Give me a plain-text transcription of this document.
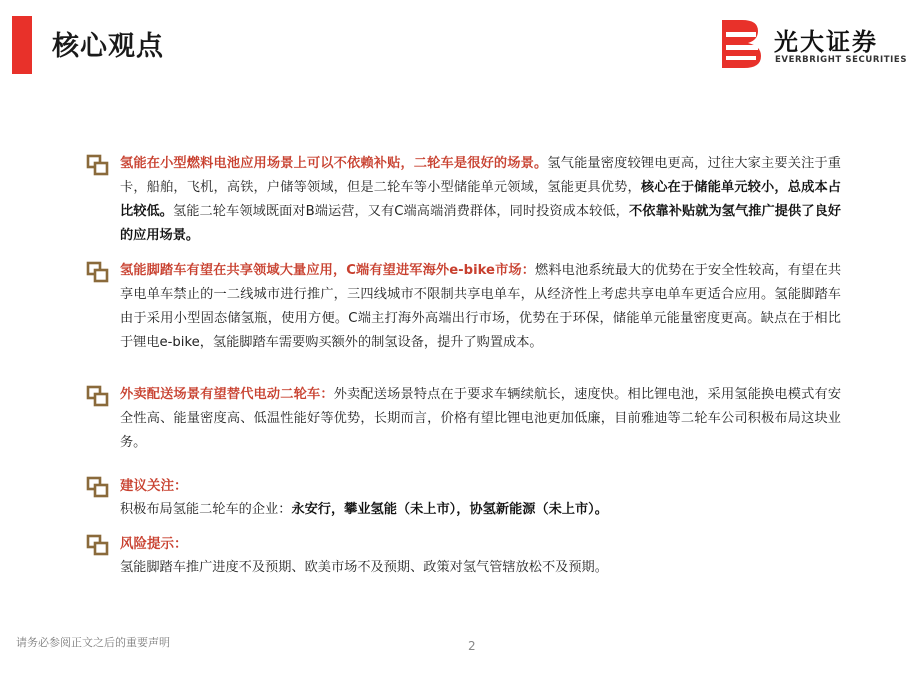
核心观点	光大证券
EVERBRIGHT SECURITIES
氢能在小型燃料电池应用场景上可以不依赖补贴，二轮车是很好的场景。氢气能量密度较锂电更高，过往大家主要关注于重卡，船舶，飞机，高铁，户储等领域，但是二轮车等小型储能单元领域，氢能更具优势，核心在于储能单元较小，总成本占比较低。氢能二轮车领域既面对B端运营，又有C端高端消费群体，同时投资成本较低，不依靠补贴就为氢气推广提供了良好的应用场景。
氢能脚踏车有望在共享领域大量应用，C端有望进军海外e-bike市场：燃料电池系统最大的优势在于安全性较高，有望在共享电单车禁止的一二线城市进行推广，三四线城市不限制共享电单车，从经济性上考虑共享电单车更适合应用。氢能脚踏车由于采用小型固态储氢瓶，使用方便。C端主打海外高端出行市场，优势在于环保，储能单元能量密度更高。缺点在于相比于锂电e-bike，氢能脚踏车需要购买额外的制氢设备，提升了购置成本。
外卖配送场景有望替代电动二轮车：外卖配送场景特点在于要求车辆续航长，速度快。相比锂电池，采用氢能换电模式有安全性高、能量密度高、低温性能好等优势，长期而言，价格有望比锂电池更加低廉，目前雅迪等二轮车公司积极布局这块业务。
建议关注：
积极布局氢能二轮车的企业：永安行，攀业氢能（未上市），协氢新能源（未上市）。
风险提示：
氢能脚踏车推广进度不及预期、欧美市场不及预期、政策对氢气管辖放松不及预期。
请务必参阅正文之后的重要声明	2
